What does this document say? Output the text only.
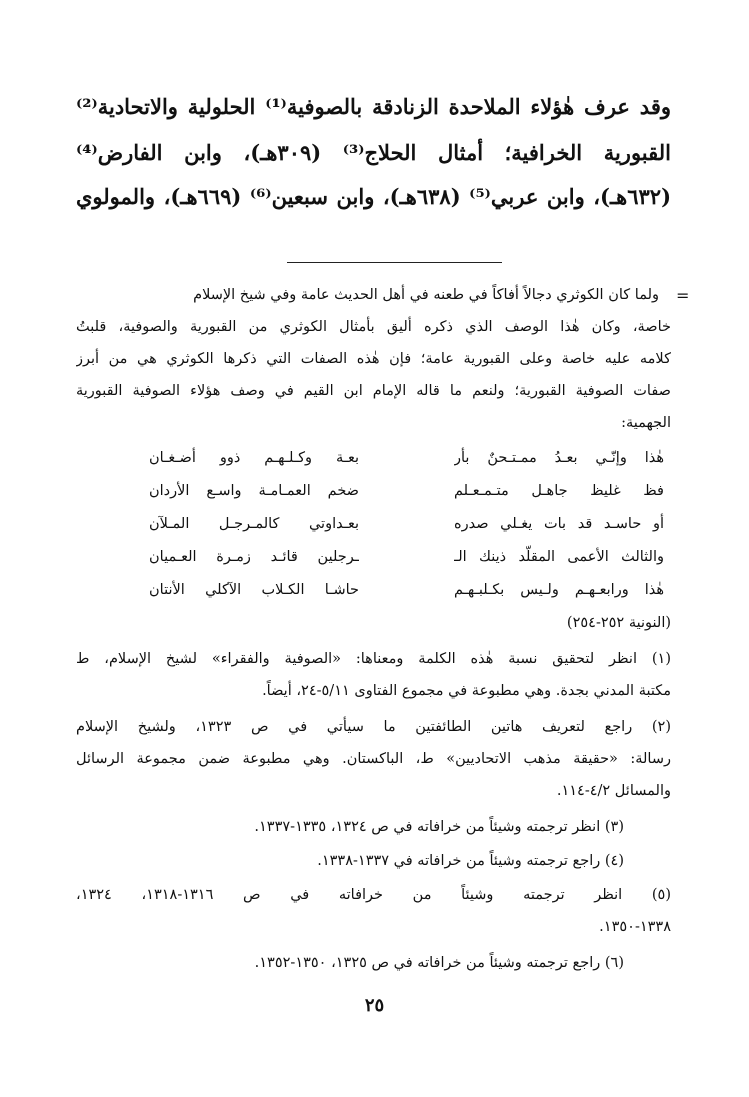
وقد عرف هٰؤلاء الملاحدة الزنادقة بالصوفية⁽¹⁾ الحلولية والاتحادية⁽²⁾
القبورية الخرافية؛ أمثال الحلاج⁽³⁾ (٣٠٩هـ)، وابن الفارض⁽⁴⁾
(٦٣٢هـ)، وابن عربي⁽⁵⁾ (٦٣٨هـ)، وابن سبعين⁽⁶⁾ (٦٦٩هـ)، والمولوي
=
ولما كان الكوثري دجالاً أفاكاً في طعنه في أهل الحديث عامة وفي شيخ الإسلام
خاصة، وكان هٰذا الوصف الذي ذكره أليق بأمثال الكوثري من القبورية والصوفية، قلبتُ
كلامه عليه خاصة وعلى القبورية عامة؛ فإن هٰذه الصفات التي ذكرها الكوثري هي من أبرز
صفات الصوفية القبورية؛ ولنعم ما قاله الإمام ابن القيم في وصف هؤلاء الصوفية القبورية
الجهمية:
هٰذا وإنّـي بعـدُ ممـتـحنٌ بأر
بعـة وكـلـهـم ذوو أضـغـان
فظ غليظ جاهـل متـمـعـلم
ضخم العمـامـة واسـع الأردان
أو حاسـد قد بات يغـلي صدره
بعـداوتي كالمـرجـل المـلآن
والثالث الأعمى المقلّد ذينك الـ
ـرجلين قائـد زمـرة العـميان
هٰذا ورابعـهـم ولـيس بكـلبـهـم
حاشـا الكـلاب الآكلي الأنتان
(النونية ٢٥٢-٢٥٤)
(١) انظر لتحقيق نسبة هٰذه الكلمة ومعناها: «الصوفية والفقراء» لشيخ الإسلام، ط
مكتبة المدني بجدة. وهي مطبوعة في مجموع الفتاوى ٥/١١-٢٤، أيضاً.
(٢) راجع لتعريف هاتين الطائفتين ما سيأتي في ص ١٣٢٣، ولشيخ الإسلام
رسالة: «حقيقة مذهب الاتحاديين» ط، الباكستان. وهي مطبوعة ضمن مجموعة الرسائل
والمسائل ٤/٢-١١٤.
(٣) انظر ترجمته وشيئاً من خرافاته في ص ١٣٢٤، ١٣٣٥-١٣٣٧.
(٤) راجع ترجمته وشيئاً من خرافاته في ١٣٣٧-١٣٣٨.
(٥) انظر ترجمته وشيئاً من خرافاته في ص ١٣١٦-١٣١٨، ١٣٢٤،
١٣٣٨-١٣٥٠.
(٦) راجع ترجمته وشيئاً من خرافاته في ص ١٣٢٥، ١٣٥٠-١٣٥٢.
٢٥
